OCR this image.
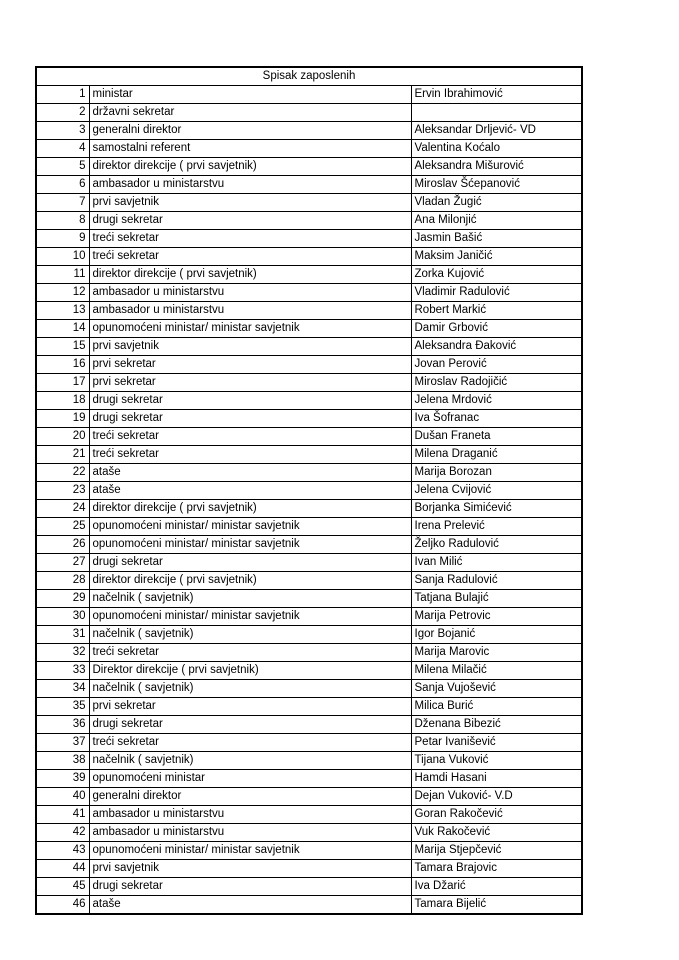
Spisak zaposlenih		
1	ministar	Ervin Ibrahimović
2	državni sekretar	
3	generalni direktor	Aleksandar Drljević- VD
4	samostalni referent	Valentina Koćalo
5	direktor direkcije ( prvi savjetnik)	Aleksandra Mišurović
6	ambasador u ministarstvu	Miroslav Šćepanović
7	prvi savjetnik	Vladan Žugić
8	drugi sekretar	Ana Milonjić
9	treći sekretar	Jasmin Bašić
10	treći sekretar	Maksim Janičić
11	direktor direkcije ( prvi savjetnik)	Zorka Kujović
12	ambasador u ministarstvu	Vladimir Radulović
13	ambasador u ministarstvu	Robert Markić
14	opunomoćeni ministar/ ministar savjetnik	Damir Grbović
15	prvi savjetnik	Aleksandra Đaković
16	prvi sekretar	Jovan Perović
17	prvi sekretar	Miroslav Radojičić
18	drugi sekretar	Jelena Mrdović
19	drugi sekretar	Iva Šofranac
20	treći sekretar	Dušan Franeta
21	treći sekretar	Milena Draganić
22	ataše	Marija Borozan
23	ataše	Jelena Cvijović
24	direktor direkcije ( prvi savjetnik)	Borjanka Simićević
25	opunomoćeni ministar/ ministar savjetnik	Irena Prelević
26	opunomoćeni ministar/ ministar savjetnik	Željko Radulović
27	drugi sekretar	Ivan Milić
28	direktor direkcije ( prvi savjetnik)	Sanja Radulović
29	načelnik ( savjetnik)	Tatjana Bulajić
30	opunomoćeni ministar/ ministar savjetnik	Marija Petrovic
31	načelnik ( savjetnik)	Igor Bojanić
32	treći sekretar	Marija Marovic
33	Direktor direkcije ( prvi savjetnik)	Milena Milačić
34	načelnik ( savjetnik)	Sanja Vujošević
35	prvi sekretar	Milica Burić
36	drugi sekretar	Dženana Bibezić
37	treći sekretar	Petar Ivanišević
38	načelnik ( savjetnik)	Tijana Vuković
39	opunomoćeni ministar	Hamdi Hasani
40	generalni direktor	Dejan Vuković- V.D
41	ambasador u ministarstvu	Goran Rakočević
42	ambasador u ministarstvu	Vuk Rakočević
43	opunomoćeni ministar/ ministar savjetnik	Marija Stjepčević
44	prvi savjetnik	Tamara Brajovic
45	drugi sekretar	Iva Džarić
46	ataše	Tamara Bijelić
